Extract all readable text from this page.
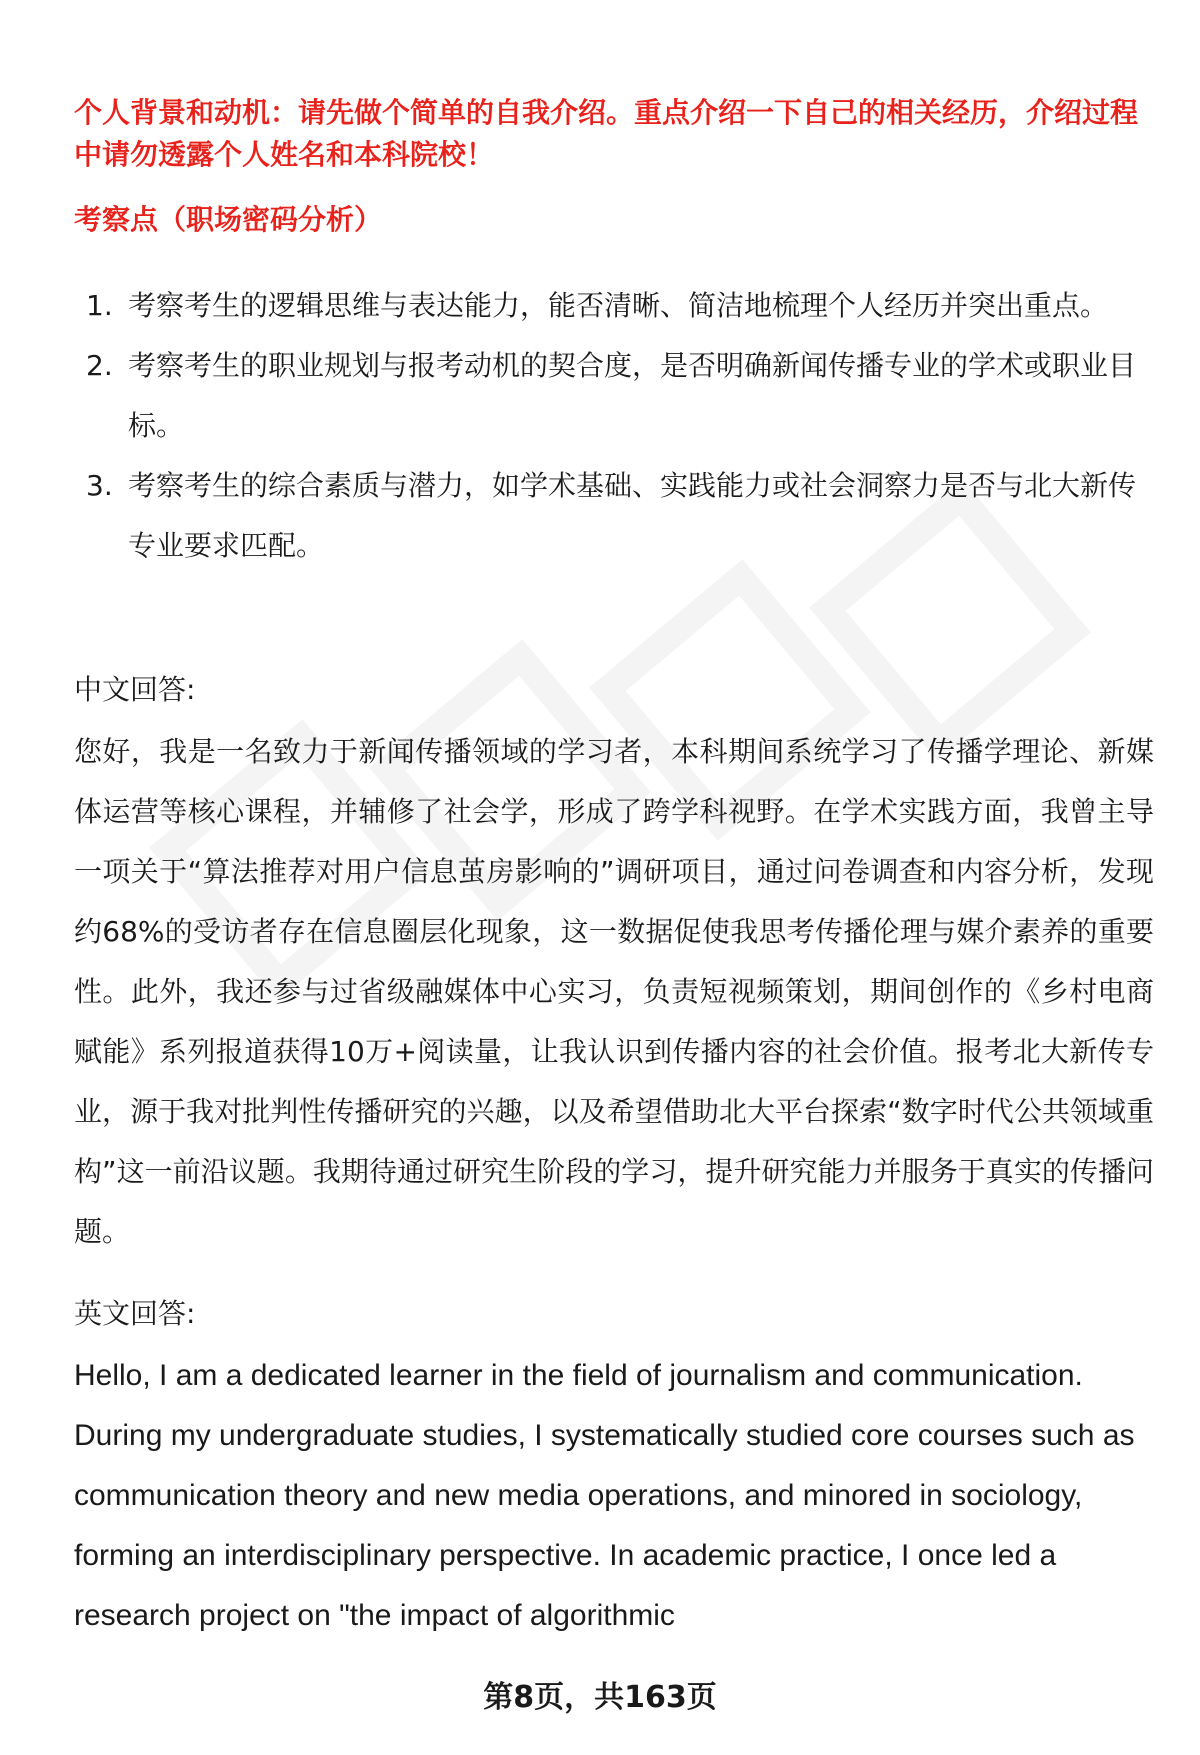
个人背景和动机：请先做个简单的自我介绍。重点介绍一下自己的相关经历，介绍过程中请勿透露个人姓名和本科院校！

考察点（职场密码分析）

1. 考察考生的逻辑思维与表达能力，能否清晰、简洁地梳理个人经历并突出重点。
2. 考察考生的职业规划与报考动机的契合度，是否明确新闻传播专业的学术或职业目标。
3. 考察考生的综合素质与潜力，如学术基础、实践能力或社会洞察力是否与北大新传专业要求匹配。

中文回答:

您好，我是一名致力于新闻传播领域的学习者，本科期间系统学习了传播学理论、新媒体运营等核心课程，并辅修了社会学，形成了跨学科视野。在学术实践方面，我曾主导一项关于“算法推荐对用户信息茧房影响的”调研项目，通过问卷调查和内容分析，发现约68%的受访者存在信息圈层化现象，这一数据促使我思考传播伦理与媒介素养的重要性。此外，我还参与过省级融媒体中心实习，负责短视频策划，期间创作的《乡村电商赋能》系列报道获得10万+阅读量，让我认识到传播内容的社会价值。报考北大新传专业，源于我对批判性传播研究的兴趣，以及希望借助北大平台探索“数字时代公共领域重构”这一前沿议题。我期待通过研究生阶段的学习，提升研究能力并服务于真实的传播问题。

英文回答:

Hello, I am a dedicated learner in the field of journalism and communication. During my undergraduate studies, I systematically studied core courses such as communication theory and new media operations, and minored in sociology, forming an interdisciplinary perspective. In academic practice, I once led a research project on "the impact of algorithmic

第8页，共163页
